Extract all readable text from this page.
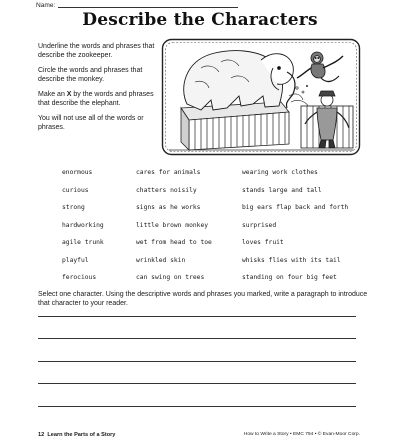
Name:
Describe the Characters

Underline the words and phrases that describe the zookeeper.

Circle the words and phrases that describe the monkey.

Make an X by the words and phrases that describe the elephant.

You will not use all of the words or phrases.

enormous	cares for animals	wearing work clothes
curious	chatters noisily	stands large and tall
strong	signs as he works	big ears flap back and forth
hardworking	little brown monkey	surprised
agile trunk	wet from head to toe	loves fruit
playful	wrinkled skin	whisks flies with its tail
ferocious	can swing on trees	standing on four big feet
Select one character. Using the descriptive words and phrases you marked, write a paragraph to introduce that character to your reader.
12 Learn the Parts of a Story	How to Write a Story • EMC 794 • © Evan-Moor Corp.
